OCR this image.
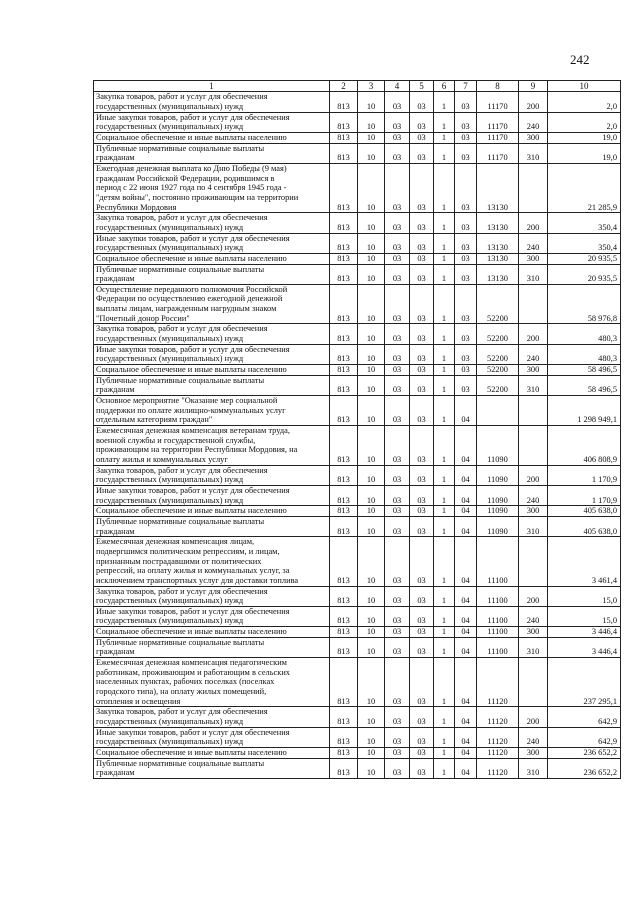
242
1	2	3	4	5	6	7	8	9	10
Закупка товаров, работ и услуг для обеспечения
государственных (муниципальных) нужд	813	10	03	03	1	03	11170	200	2,0
Иные закупки товаров, работ и услуг для обеспечения
государственных (муниципальных) нужд	813	10	03	03	1	03	11170	240	2,0
Социальное обеспечение и иные выплаты населению	813	10	03	03	1	03	11170	300	19,0
Публичные нормативные социальные выплаты
гражданам	813	10	03	03	1	03	11170	310	19,0
Ежегодная денежная выплата ко Дню Победы (9 мая)
гражданам Российской Федерации, родившимся в
период с 22 июня 1927 года по 4 сентября 1945 года -
"детям войны", постоянно проживающим на территории
Республики Мордовия	813	10	03	03	1	03	13130		21 285,9
Закупка товаров, работ и услуг для обеспечения
государственных (муниципальных) нужд	813	10	03	03	1	03	13130	200	350,4
Иные закупки товаров, работ и услуг для обеспечения
государственных (муниципальных) нужд	813	10	03	03	1	03	13130	240	350,4
Социальное обеспечение и иные выплаты населению	813	10	03	03	1	03	13130	300	20 935,5
Публичные нормативные социальные выплаты
гражданам	813	10	03	03	1	03	13130	310	20 935,5
Осуществление переданного полномочия Российской
Федерации по осуществлению ежегодной денежной
выплаты лицам, награжденным нагрудным знаком
"Почетный донор России"	813	10	03	03	1	03	52200		58 976,8
Закупка товаров, работ и услуг для обеспечения
государственных (муниципальных) нужд	813	10	03	03	1	03	52200	200	480,3
Иные закупки товаров, работ и услуг для обеспечения
государственных (муниципальных) нужд	813	10	03	03	1	03	52200	240	480,3
Социальное обеспечение и иные выплаты населению	813	10	03	03	1	03	52200	300	58 496,5
Публичные нормативные социальные выплаты
гражданам	813	10	03	03	1	03	52200	310	58 496,5
Основное мероприятие "Оказание мер социальной
поддержки по оплате жилищно-коммунальных услуг
отдельным категориям граждан"	813	10	03	03	1	04			1 298 949,1
Ежемесячная денежная компенсация ветеранам труда,
военной службы и государственной службы,
проживающим на территории Республики Мордовия, на
оплату жилья и коммунальных услуг	813	10	03	03	1	04	11090		406 808,9
Закупка товаров, работ и услуг для обеспечения
государственных (муниципальных) нужд	813	10	03	03	1	04	11090	200	1 170,9
Иные закупки товаров, работ и услуг для обеспечения
государственных (муниципальных) нужд	813	10	03	03	1	04	11090	240	1 170,9
Социальное обеспечение и иные выплаты населению	813	10	03	03	1	04	11090	300	405 638,0
Публичные нормативные социальные выплаты
гражданам	813	10	03	03	1	04	11090	310	405 638,0
Ежемесячная денежная компенсация лицам,
подвергшимся политическим репрессиям, и лицам,
признанным пострадавшими от политических
репрессий, на оплату жилья и коммунальных услуг, за
исключением транспортных услуг для доставки топлива	813	10	03	03	1	04	11100		3 461,4
Закупка товаров, работ и услуг для обеспечения
государственных (муниципальных) нужд	813	10	03	03	1	04	11100	200	15,0
Иные закупки товаров, работ и услуг для обеспечения
государственных (муниципальных) нужд	813	10	03	03	1	04	11100	240	15,0
Социальное обеспечение и иные выплаты населению	813	10	03	03	1	04	11100	300	3 446,4
Публичные нормативные социальные выплаты
гражданам	813	10	03	03	1	04	11100	310	3 446,4
Ежемесячная денежная компенсация педагогическим
работникам, проживающим и работающим в сельских
населенных пунктах, рабочих поселках (поселках
городского типа), на оплату жилых помещений,
отопления и освещения	813	10	03	03	1	04	11120		237 295,1
Закупка товаров, работ и услуг для обеспечения
государственных (муниципальных) нужд	813	10	03	03	1	04	11120	200	642,9
Иные закупки товаров, работ и услуг для обеспечения
государственных (муниципальных) нужд	813	10	03	03	1	04	11120	240	642,9
Социальное обеспечение и иные выплаты населению	813	10	03	03	1	04	11120	300	236 652,2
Публичные нормативные социальные выплаты
гражданам	813	10	03	03	1	04	11120	310	236 652,2
